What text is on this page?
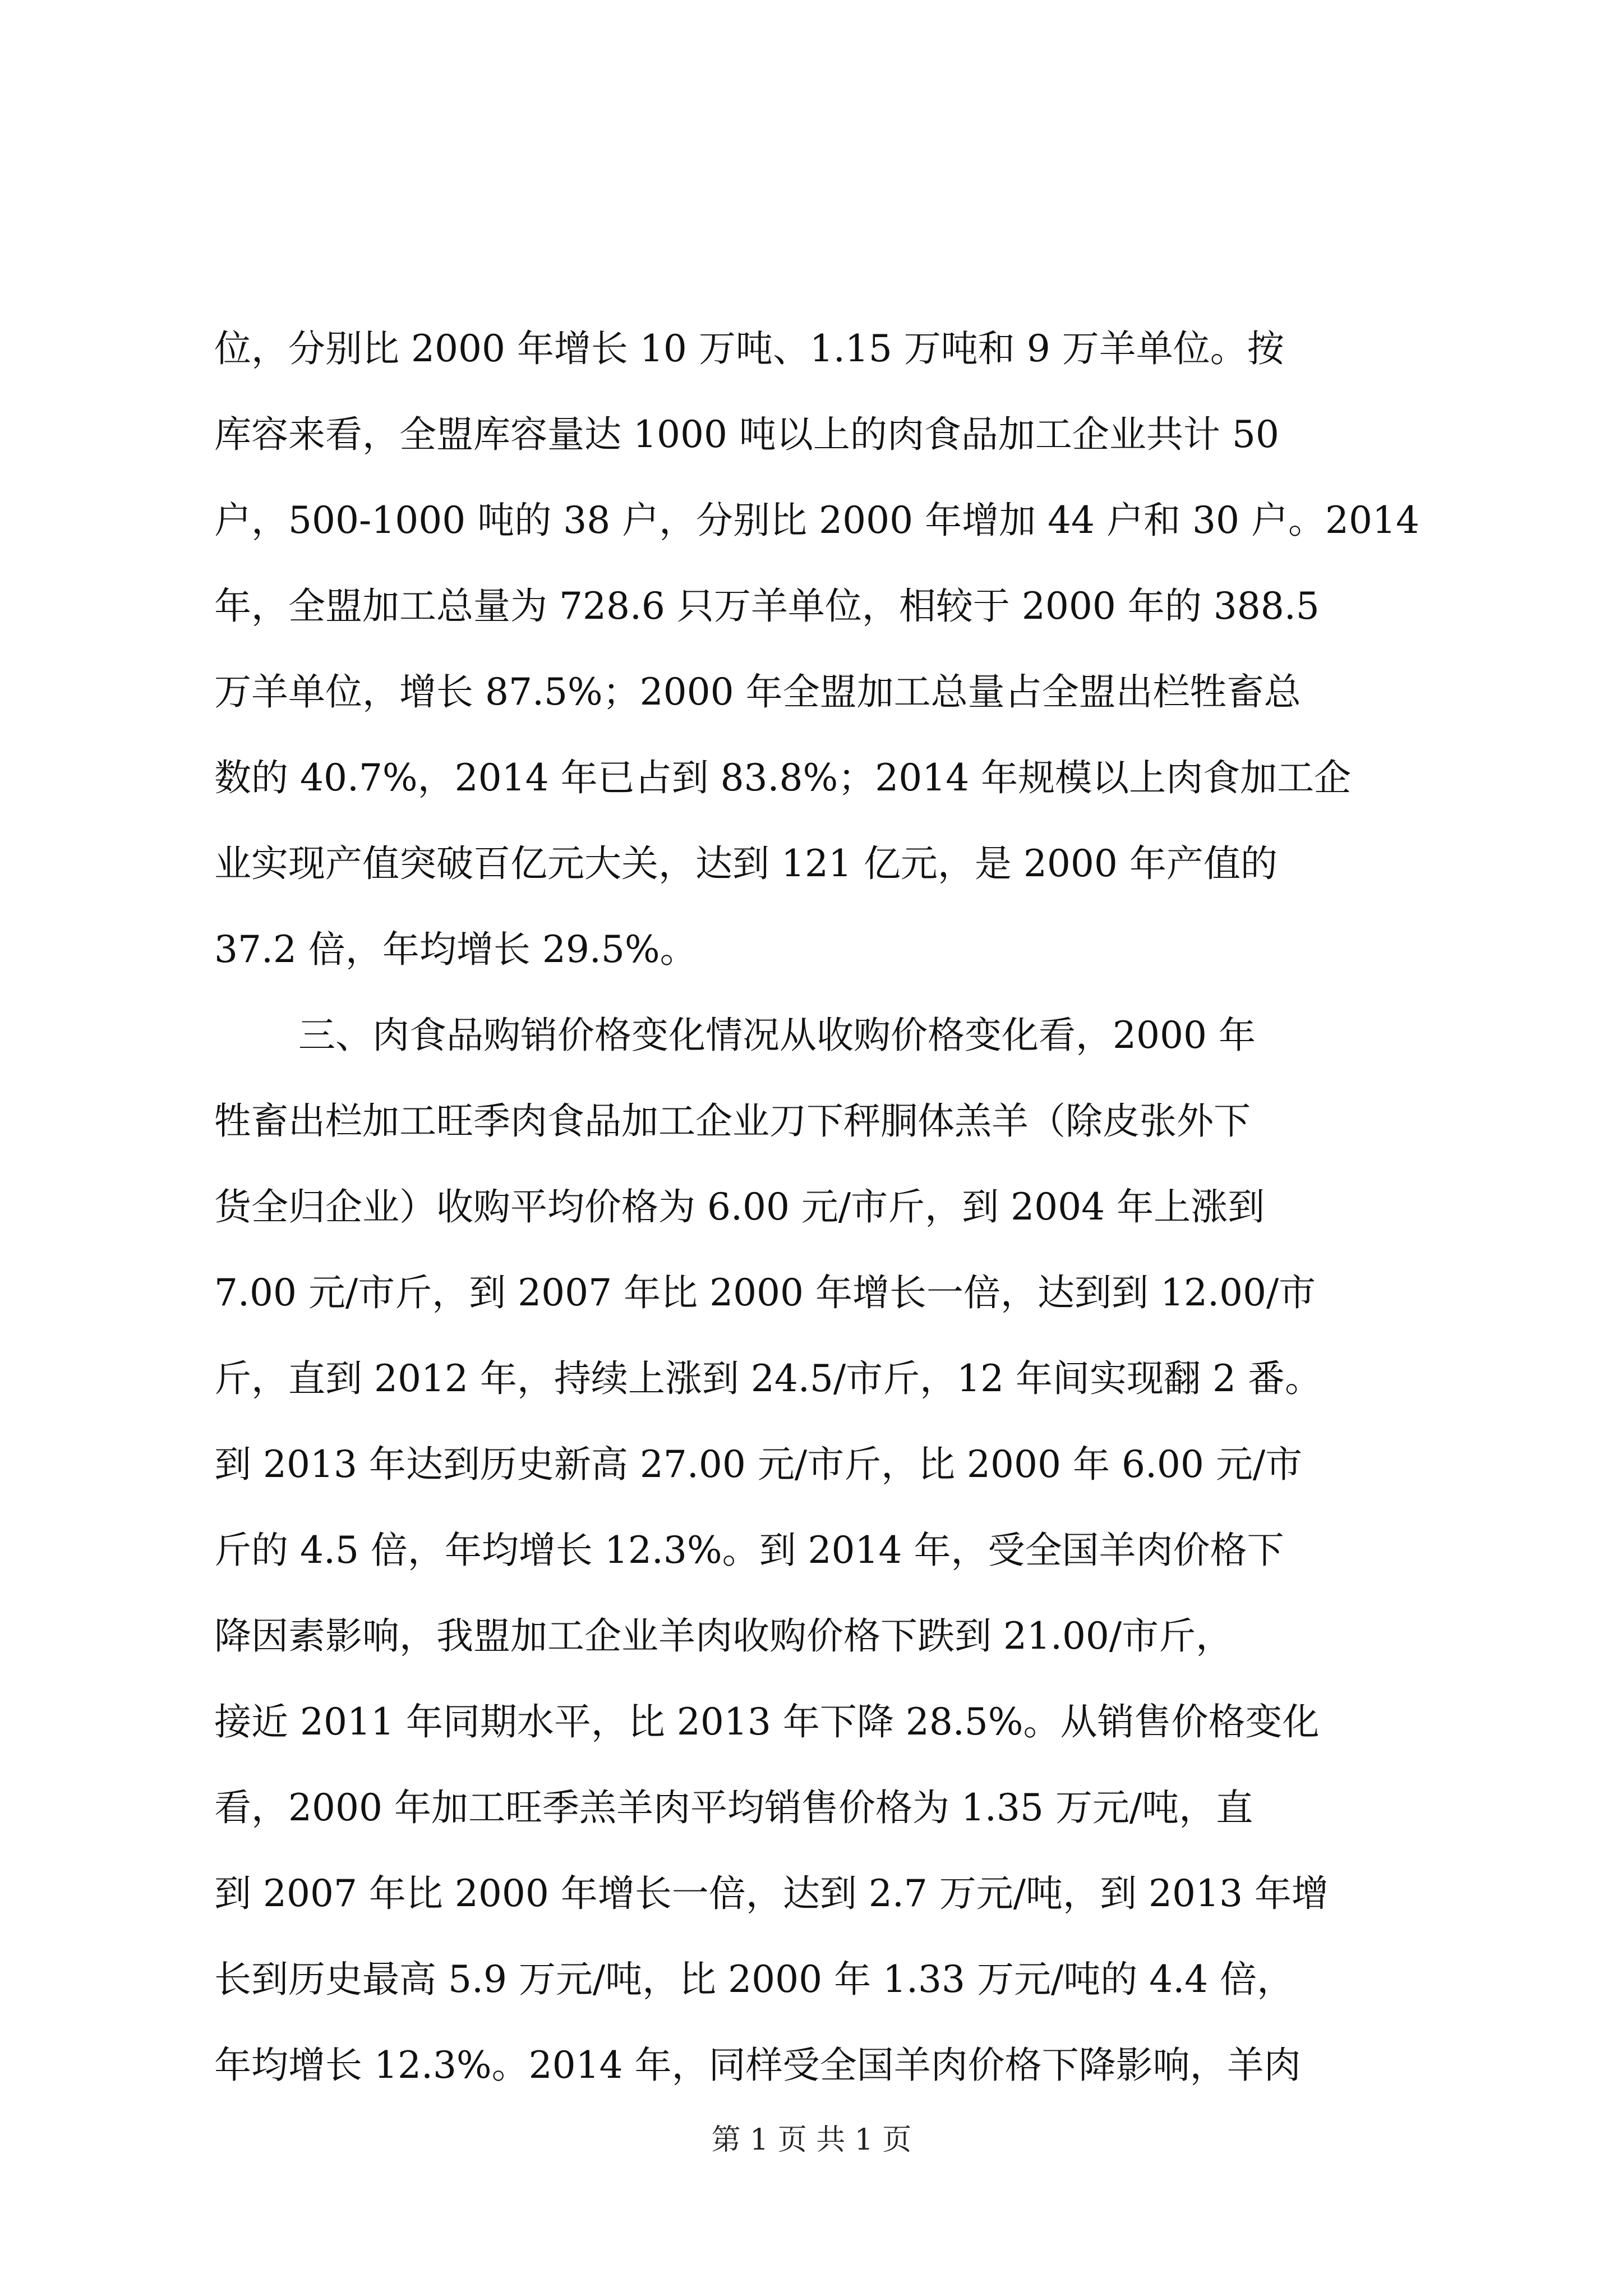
位，分别比 2000 年增长 10 万吨、1.15 万吨和 9 万羊单位。按
库容来看，全盟库容量达 1000 吨以上的肉食品加工企业共计 50
户，500-1000 吨的 38 户，分别比 2000 年增加 44 户和 30 户。2014
年，全盟加工总量为 728.6 只万羊单位，相较于 2000 年的 388.5
万羊单位，增长 87.5%；2000 年全盟加工总量占全盟出栏牲畜总
数的 40.7%，2014 年已占到 83.8%；2014 年规模以上肉食加工企
业实现产值突破百亿元大关，达到 121 亿元，是 2000 年产值的
37.2 倍，年均增长 29.5%。
三、肉食品购销价格变化情况从收购价格变化看，2000 年
牲畜出栏加工旺季肉食品加工企业刀下秤胴体羔羊（除皮张外下
货全归企业）收购平均价格为 6.00 元/市斤，到 2004 年上涨到
7.00 元/市斤，到 2007 年比 2000 年增长一倍，达到到 12.00/市
斤，直到 2012 年，持续上涨到 24.5/市斤，12 年间实现翻 2 番。
到 2013 年达到历史新高 27.00 元/市斤，比 2000 年 6.00 元/市
斤的 4.5 倍，年均增长 12.3%。到 2014 年，受全国羊肉价格下
降因素影响，我盟加工企业羊肉收购价格下跌到 21.00/市斤，
接近 2011 年同期水平，比 2013 年下降 28.5%。从销售价格变化
看，2000 年加工旺季羔羊肉平均销售价格为 1.35 万元/吨，直
到 2007 年比 2000 年增长一倍，达到 2.7 万元/吨，到 2013 年增
长到历史最高 5.9 万元/吨，比 2000 年 1.33 万元/吨的 4.4 倍，
年均增长 12.3%。2014 年，同样受全国羊肉价格下降影响，羊肉
第 1 页 共 1 页
